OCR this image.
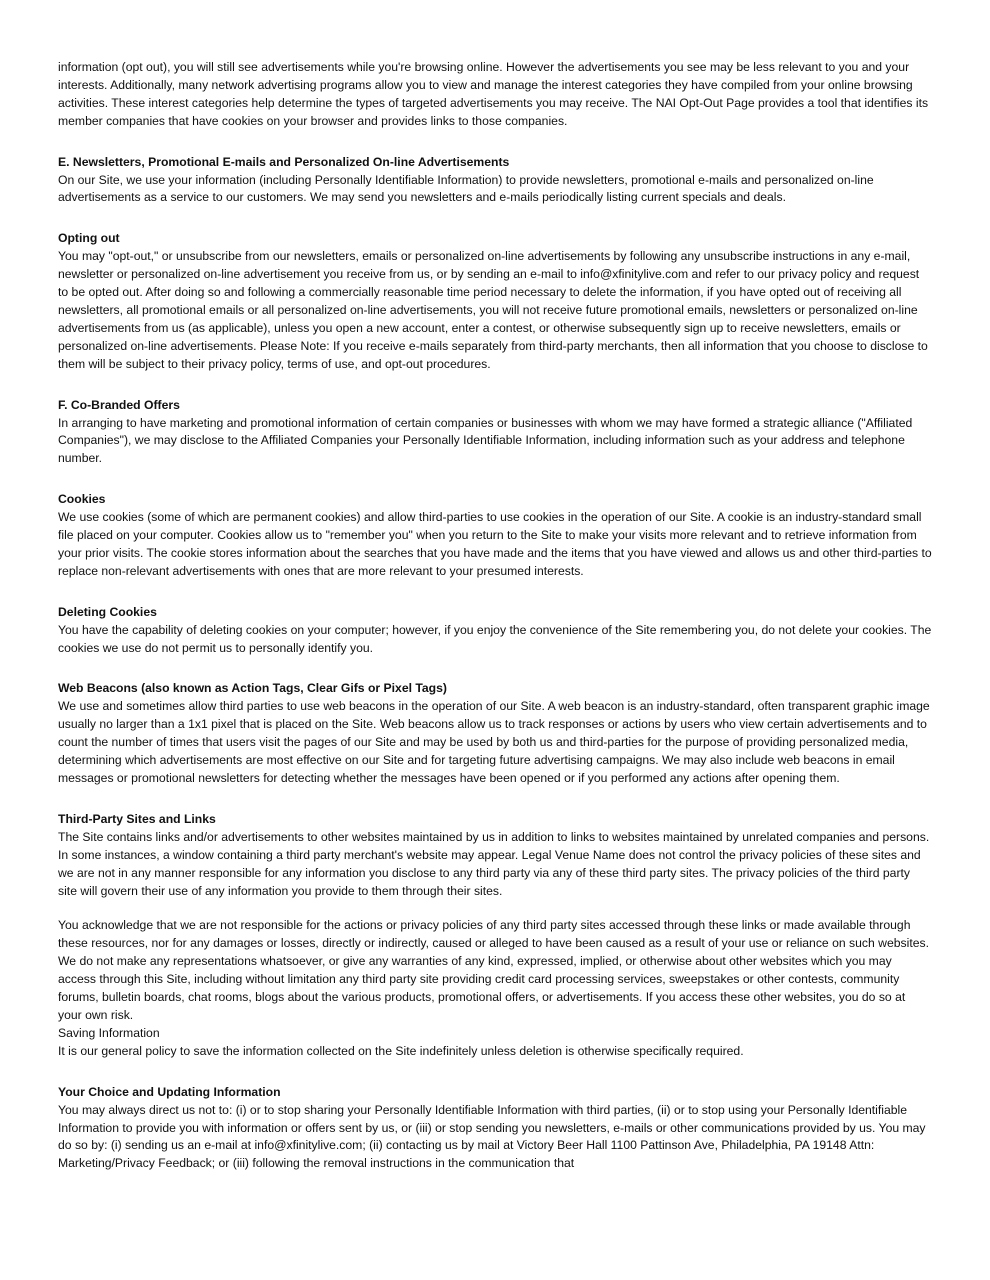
information (opt out), you will still see advertisements while you're browsing online. However the advertisements you see may be less relevant to you and your interests. Additionally, many network advertising programs allow you to view and manage the interest categories they have compiled from your online browsing activities. These interest categories help determine the types of targeted advertisements you may receive. The NAI Opt-Out Page provides a tool that identifies its member companies that have cookies on your browser and provides links to those companies.

E. Newsletters, Promotional E-mails and Personalized On-line Advertisements

On our Site, we use your information (including Personally Identifiable Information) to provide newsletters, promotional e-mails and personalized on-line advertisements as a service to our customers. We may send you newsletters and e-mails periodically listing current specials and deals.

Opting out

You may "opt-out," or unsubscribe from our newsletters, emails or personalized on-line advertisements by following any unsubscribe instructions in any e-mail, newsletter or personalized on-line advertisement you receive from us, or by sending an e-mail to info@xfinitylive.com and refer to our privacy policy and request to be opted out. After doing so and following a commercially reasonable time period necessary to delete the information, if you have opted out of receiving all newsletters, all promotional emails or all personalized on-line advertisements, you will not receive future promotional emails, newsletters or personalized on-line advertisements from us (as applicable), unless you open a new account, enter a contest, or otherwise subsequently sign up to receive newsletters, emails or personalized on-line advertisements. Please Note: If you receive e-mails separately from third-party merchants, then all information that you choose to disclose to them will be subject to their privacy policy, terms of use, and opt-out procedures.

F. Co-Branded Offers

In arranging to have marketing and promotional information of certain companies or businesses with whom we may have formed a strategic alliance ("Affiliated Companies"), we may disclose to the Affiliated Companies your Personally Identifiable Information, including information such as your address and telephone number.

Cookies

We use cookies (some of which are permanent cookies) and allow third-parties to use cookies in the operation of our Site. A cookie is an industry-standard small file placed on your computer. Cookies allow us to "remember you" when you return to the Site to make your visits more relevant and to retrieve information from your prior visits. The cookie stores information about the searches that you have made and the items that you have viewed and allows us and other third-parties to replace non-relevant advertisements with ones that are more relevant to your presumed interests.

Deleting Cookies

You have the capability of deleting cookies on your computer; however, if you enjoy the convenience of the Site remembering you, do not delete your cookies. The cookies we use do not permit us to personally identify you.

Web Beacons (also known as Action Tags, Clear Gifs or Pixel Tags)

We use and sometimes allow third parties to use web beacons in the operation of our Site. A web beacon is an industry-standard, often transparent graphic image usually no larger than a 1x1 pixel that is placed on the Site. Web beacons allow us to track responses or actions by users who view certain advertisements and to count the number of times that users visit the pages of our Site and may be used by both us and third-parties for the purpose of providing personalized media, determining which advertisements are most effective on our Site and for targeting future advertising campaigns. We may also include web beacons in email messages or promotional newsletters for detecting whether the messages have been opened or if you performed any actions after opening them.

Third-Party Sites and Links

The Site contains links and/or advertisements to other websites maintained by us in addition to links to websites maintained by unrelated companies and persons. In some instances, a window containing a third party merchant's website may appear. Legal Venue Name does not control the privacy policies of these sites and we are not in any manner responsible for any information you disclose to any third party via any of these third party sites. The privacy policies of the third party site will govern their use of any information you provide to them through their sites.

You acknowledge that we are not responsible for the actions or privacy policies of any third party sites accessed through these links or made available through these resources, nor for any damages or losses, directly or indirectly, caused or alleged to have been caused as a result of your use or reliance on such websites. We do not make any representations whatsoever, or give any warranties of any kind, expressed, implied, or otherwise about other websites which you may access through this Site, including without limitation any third party site providing credit card processing services, sweepstakes or other contests, community forums, bulletin boards, chat rooms, blogs about the various products, promotional offers, or advertisements. If you access these other websites, you do so at your own risk.

Saving Information

It is our general policy to save the information collected on the Site indefinitely unless deletion is otherwise specifically required.

Your Choice and Updating Information

You may always direct us not to: (i) or to stop sharing your Personally Identifiable Information with third parties, (ii) or to stop using your Personally Identifiable Information to provide you with information or offers sent by us, or (iii) or stop sending you newsletters, e-mails or other communications provided by us. You may do so by: (i) sending us an e-mail at info@xfinitylive.com; (ii) contacting us by mail at Victory Beer Hall 1100 Pattinson Ave, Philadelphia, PA 19148 Attn: Marketing/Privacy Feedback; or (iii) following the removal instructions in the communication that
